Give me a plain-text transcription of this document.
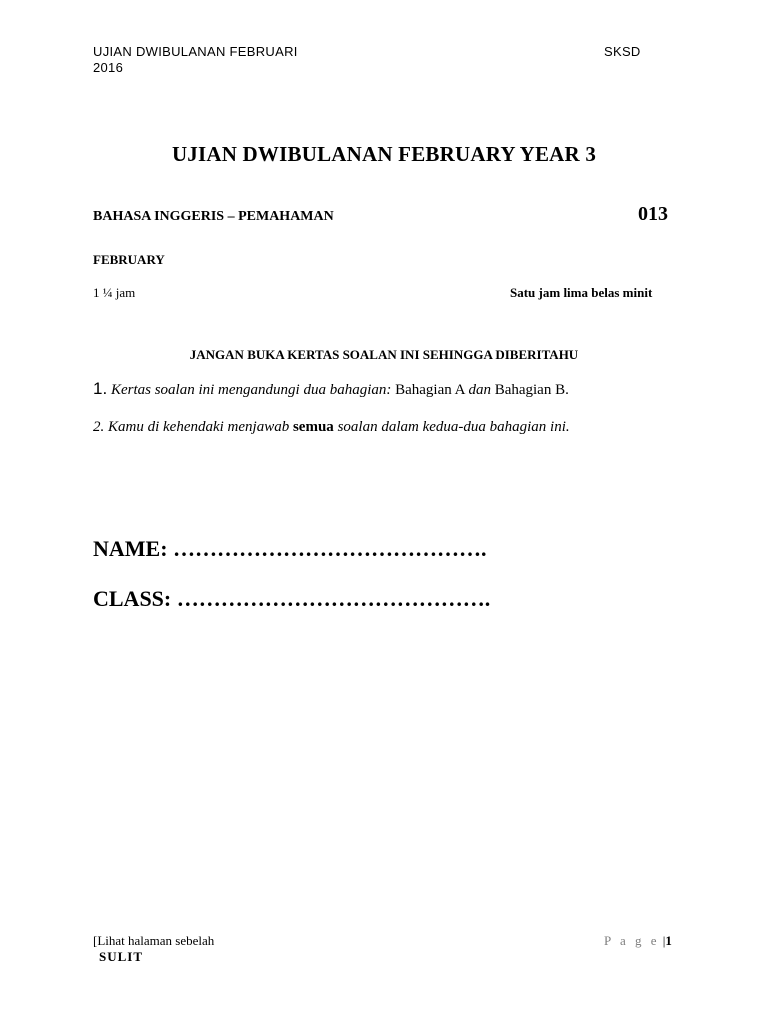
UJIAN DWIBULANAN FEBRUARI
2016
SKSD
UJIAN DWIBULANAN FEBRUARY YEAR 3
BAHASA INGGERIS – PEMAHAMAN	013
FEBRUARY
1 ¼ jam	Satu jam lima belas minit
JANGAN BUKA KERTAS SOALAN INI SEHINGGA DIBERITAHU
1. Kertas soalan ini mengandungi dua bahagian: Bahagian A dan Bahagian B.
2. Kamu di kehendaki menjawab semua soalan dalam kedua-dua bahagian ini.
NAME: …………………………………….
CLASS: …………………………………….
[Lihat halaman sebelah
SULIT
P a g e |1
